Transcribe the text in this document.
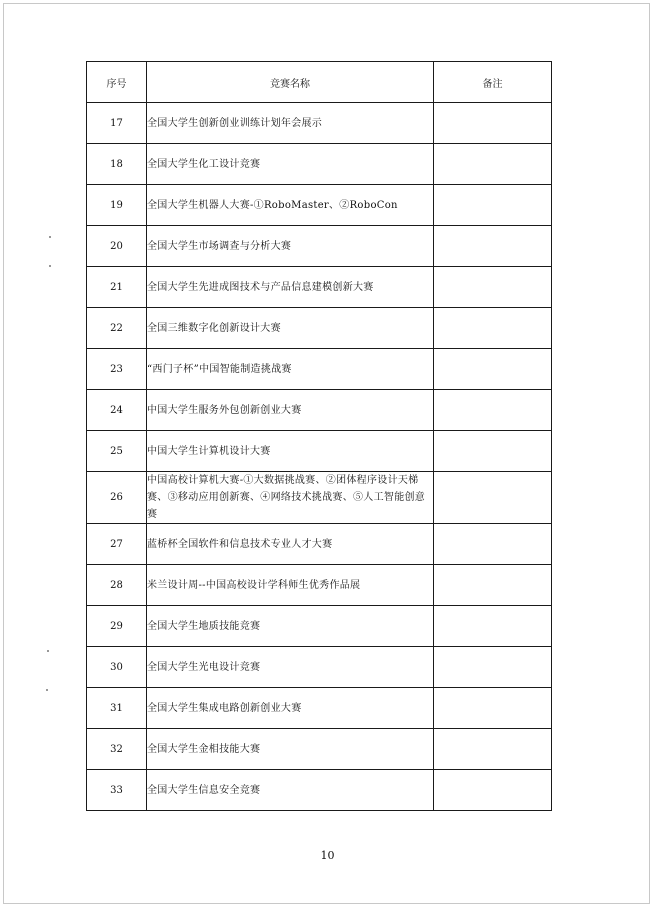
序号	竞赛名称	备注
17	全国大学生创新创业训练计划年会展示	
18	全国大学生化工设计竞赛	
19	全国大学生机器人大赛-①RoboMaster、②RoboCon	
20	全国大学生市场调查与分析大赛	
21	全国大学生先进成图技术与产品信息建模创新大赛	
22	全国三维数字化创新设计大赛	
23	“西门子杯”中国智能制造挑战赛	
24	中国大学生服务外包创新创业大赛	
25	中国大学生计算机设计大赛	
26	中国高校计算机大赛-①大数据挑战赛、②团体程序设计天梯赛、③移动应用创新赛、④网络技术挑战赛、⑤人工智能创意赛	
27	蓝桥杯全国软件和信息技术专业人才大赛	
28	米兰设计周--中国高校设计学科师生优秀作品展	
29	全国大学生地质技能竞赛	
30	全国大学生光电设计竞赛	
31	全国大学生集成电路创新创业大赛	
32	全国大学生金相技能大赛	
33	全国大学生信息安全竞赛	
10
